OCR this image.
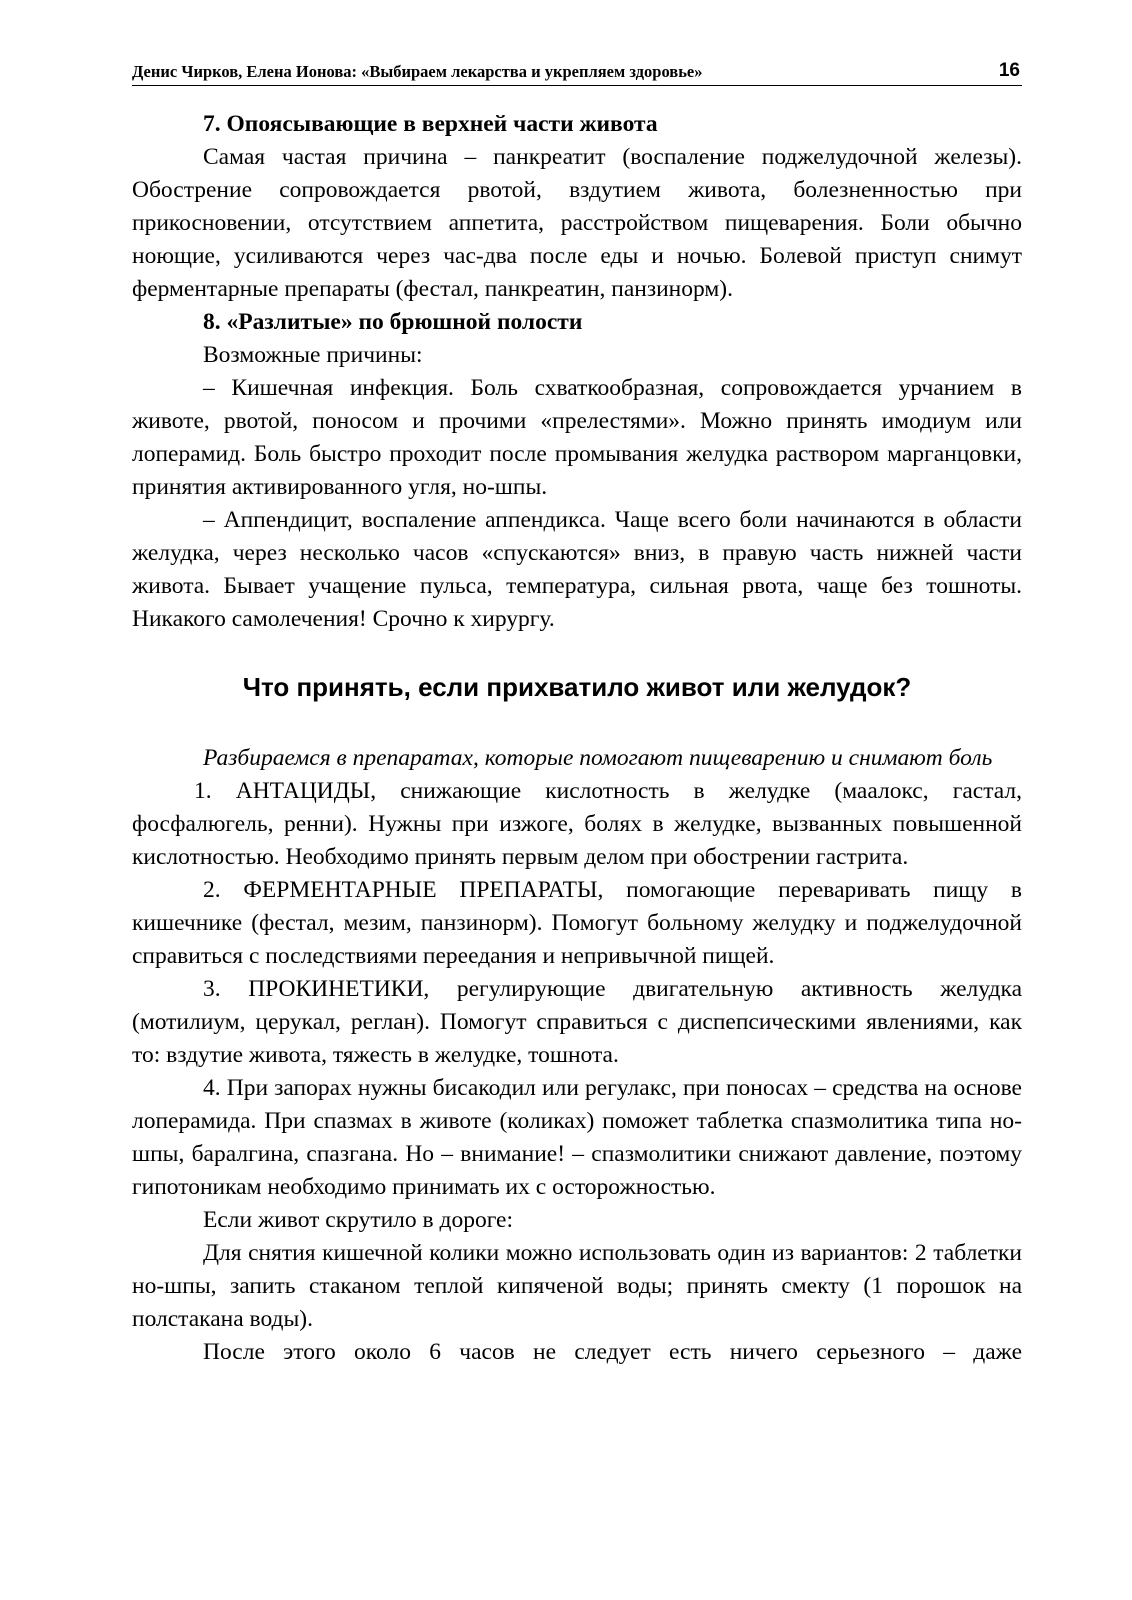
Денис Чирков, Елена Ионова: «Выбираем лекарства и укрепляем здоровье»	16

7. Опоясывающие в верхней части живота

Самая частая причина – панкреатит (воспаление поджелудочной железы). Обострение сопровождается рвотой, вздутием живота, болезненностью при прикосновении, отсутствием аппетита, расстройством пищеварения. Боли обычно ноющие, усиливаются через час-два после еды и ночью. Болевой приступ снимут ферментарные препараты (фестал, панкреатин, панзинорм).

8. «Разлитые» по брюшной полости

Возможные причины:

– Кишечная инфекция. Боль схваткообразная, сопровождается урчанием в животе, рвотой, поносом и прочими «прелестями». Можно принять имодиум или лоперамид. Боль быстро проходит после промывания желудка раствором марганцовки, принятия активированного угля, но-шпы.

– Аппендицит, воспаление аппендикса. Чаще всего боли начинаются в области желудка, через несколько часов «спускаются» вниз, в правую часть нижней части живота. Бывает учащение пульса, температура, сильная рвота, чаще без тошноты. Никакого самолечения! Срочно к хирургу.

Что принять, если прихватило живот или желудок?

Разбираемся в препаратах, которые помогают пищеварению и снимают боль

1. АНТАЦИДЫ, снижающие кислотность в желудке (маалокс, гастал, фосфалюгель, ренни). Нужны при изжоге, болях в желудке, вызванных повышенной кислотностью. Необходимо принять первым делом при обострении гастрита.

2. ФЕРМЕНТАРНЫЕ ПРЕПАРАТЫ, помогающие переваривать пищу в кишечнике (фестал, мезим, панзинорм). Помогут больному желудку и поджелудочной справиться с последствиями переедания и непривычной пищей.

3. ПРОКИНЕТИКИ, регулирующие двигательную активность желудка (мотилиум, церукал, реглан). Помогут справиться с диспепсическими явлениями, как то: вздутие живота, тяжесть в желудке, тошнота.

4. При запорах нужны бисакодил или регулакс, при поносах – средства на основе лоперамида. При спазмах в животе (коликах) поможет таблетка спазмолитика типа но-шпы, баралгина, спазгана. Но – внимание! – спазмолитики снижают давление, поэтому гипотоникам необходимо принимать их с осторожностью.

Если живот скрутило в дороге:

Для снятия кишечной колики можно использовать один из вариантов: 2 таблетки но-шпы, запить стаканом теплой кипяченой воды; принять смекту (1 порошок на полстакана воды).

После этого около 6 часов не следует есть ничего серьезного – даже
